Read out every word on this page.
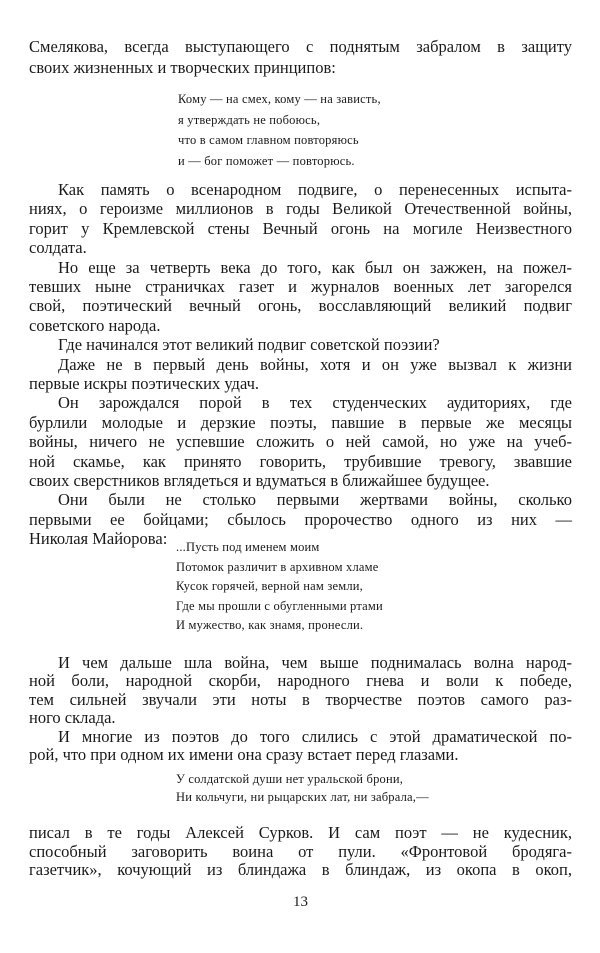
Смелякова, всегда выступающего с поднятым забралом в защиту
своих жизненных и творческих принципов:
Кому — на смех, кому — на зависть,
я утверждать не побоюсь,
что в самом главном повторяюсь
и — бог поможет — повторюсь.
Как память о всенародном подвиге, о перенесенных испыта-
ниях, о героизме миллионов в годы Великой Отечественной войны,
горит у Кремлевской стены Вечный огонь на могиле Неизвестного
солдата.
Но еще за четверть века до того, как был он зажжен, на пожел-
тевших ныне страничках газет и журналов военных лет загорелся
свой, поэтический вечный огонь, восславляющий великий подвиг
советского народа.
Где начинался этот великий подвиг советской поэзии?
Даже не в первый день войны, хотя и он уже вызвал к жизни
первые искры поэтических удач.
Он зарождался порой в тех студенческих аудиториях, где
бурлили молодые и дерзкие поэты, павшие в первые же месяцы
войны, ничего не успевшие сложить о ней самой, но уже на учеб-
ной скамье, как принято говорить, трубившие тревогу, звавшие
своих сверстников вглядеться и вдуматься в ближайшее будущее.
Они были не столько первыми жертвами войны, сколько
первыми ее бойцами; сбылось пророчество одного из них —
Николая Майорова: ...Пусть под именем моим
Потомок различит в архивном хламе
Кусок горячей, верной нам земли,
Где мы прошли с обугленными ртами
И мужество, как знамя, пронесли.
И чем дальше шла война, чем выше поднималась волна народ-
ной боли, народной скорби, народного гнева и воли к победе,
тем сильней звучали эти ноты в творчестве поэтов самого раз-
ного склада.
И многие из поэтов до того слились с этой драматической по-
рой, что при одном их имени она сразу встает перед глазами.
У солдатской души нет уральской брони,
Ни кольчуги, ни рыцарских лат, ни забрала,—
писал в те годы Алексей Сурков. И сам поэт — не кудесник,
способный заговорить воина от пули. «Фронтовой бродяга-
газетчик», кочующий из блиндажа в блиндаж, из окопа в окоп,
13
